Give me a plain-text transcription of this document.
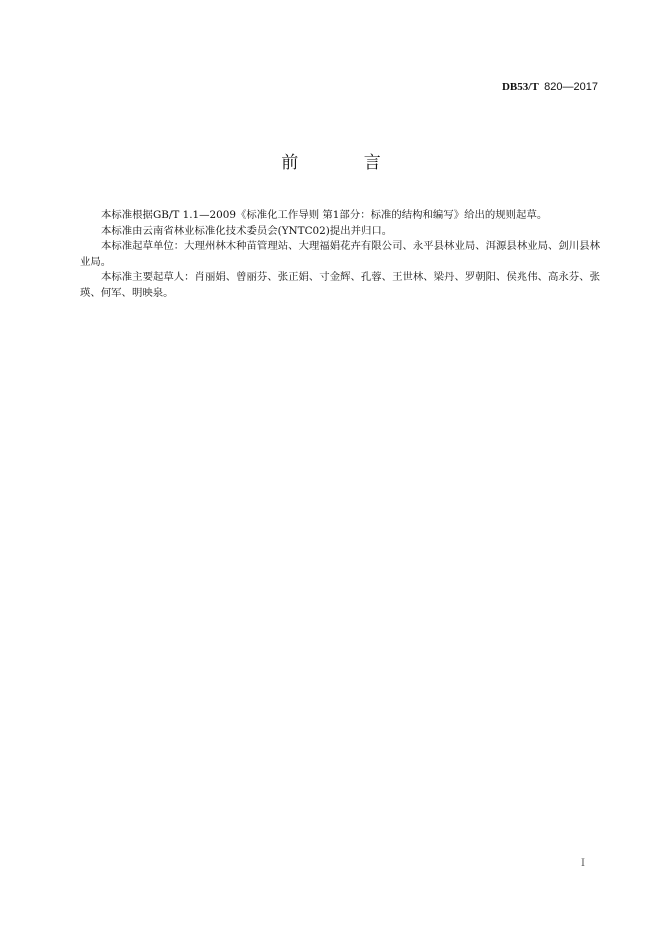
DB53/T 820—2017
前 言

本标准根据GB/T 1.1—2009《标准化工作导则 第1部分：标准的结构和编写》给出的规则起草。

本标准由云南省林业标准化技术委员会(YNTC02)提出并归口。

本标准起草单位：大理州林木种苗管理站、大理福娟花卉有限公司、永平县林业局、洱源县林业局、剑川县林业局。

本标准主要起草人：肖丽娟、曾丽芬、张正娟、寸金辉、孔蓉、王世林、梁丹、罗朝阳、侯兆伟、高永芬、张瑛、何军、明映泉。

I
